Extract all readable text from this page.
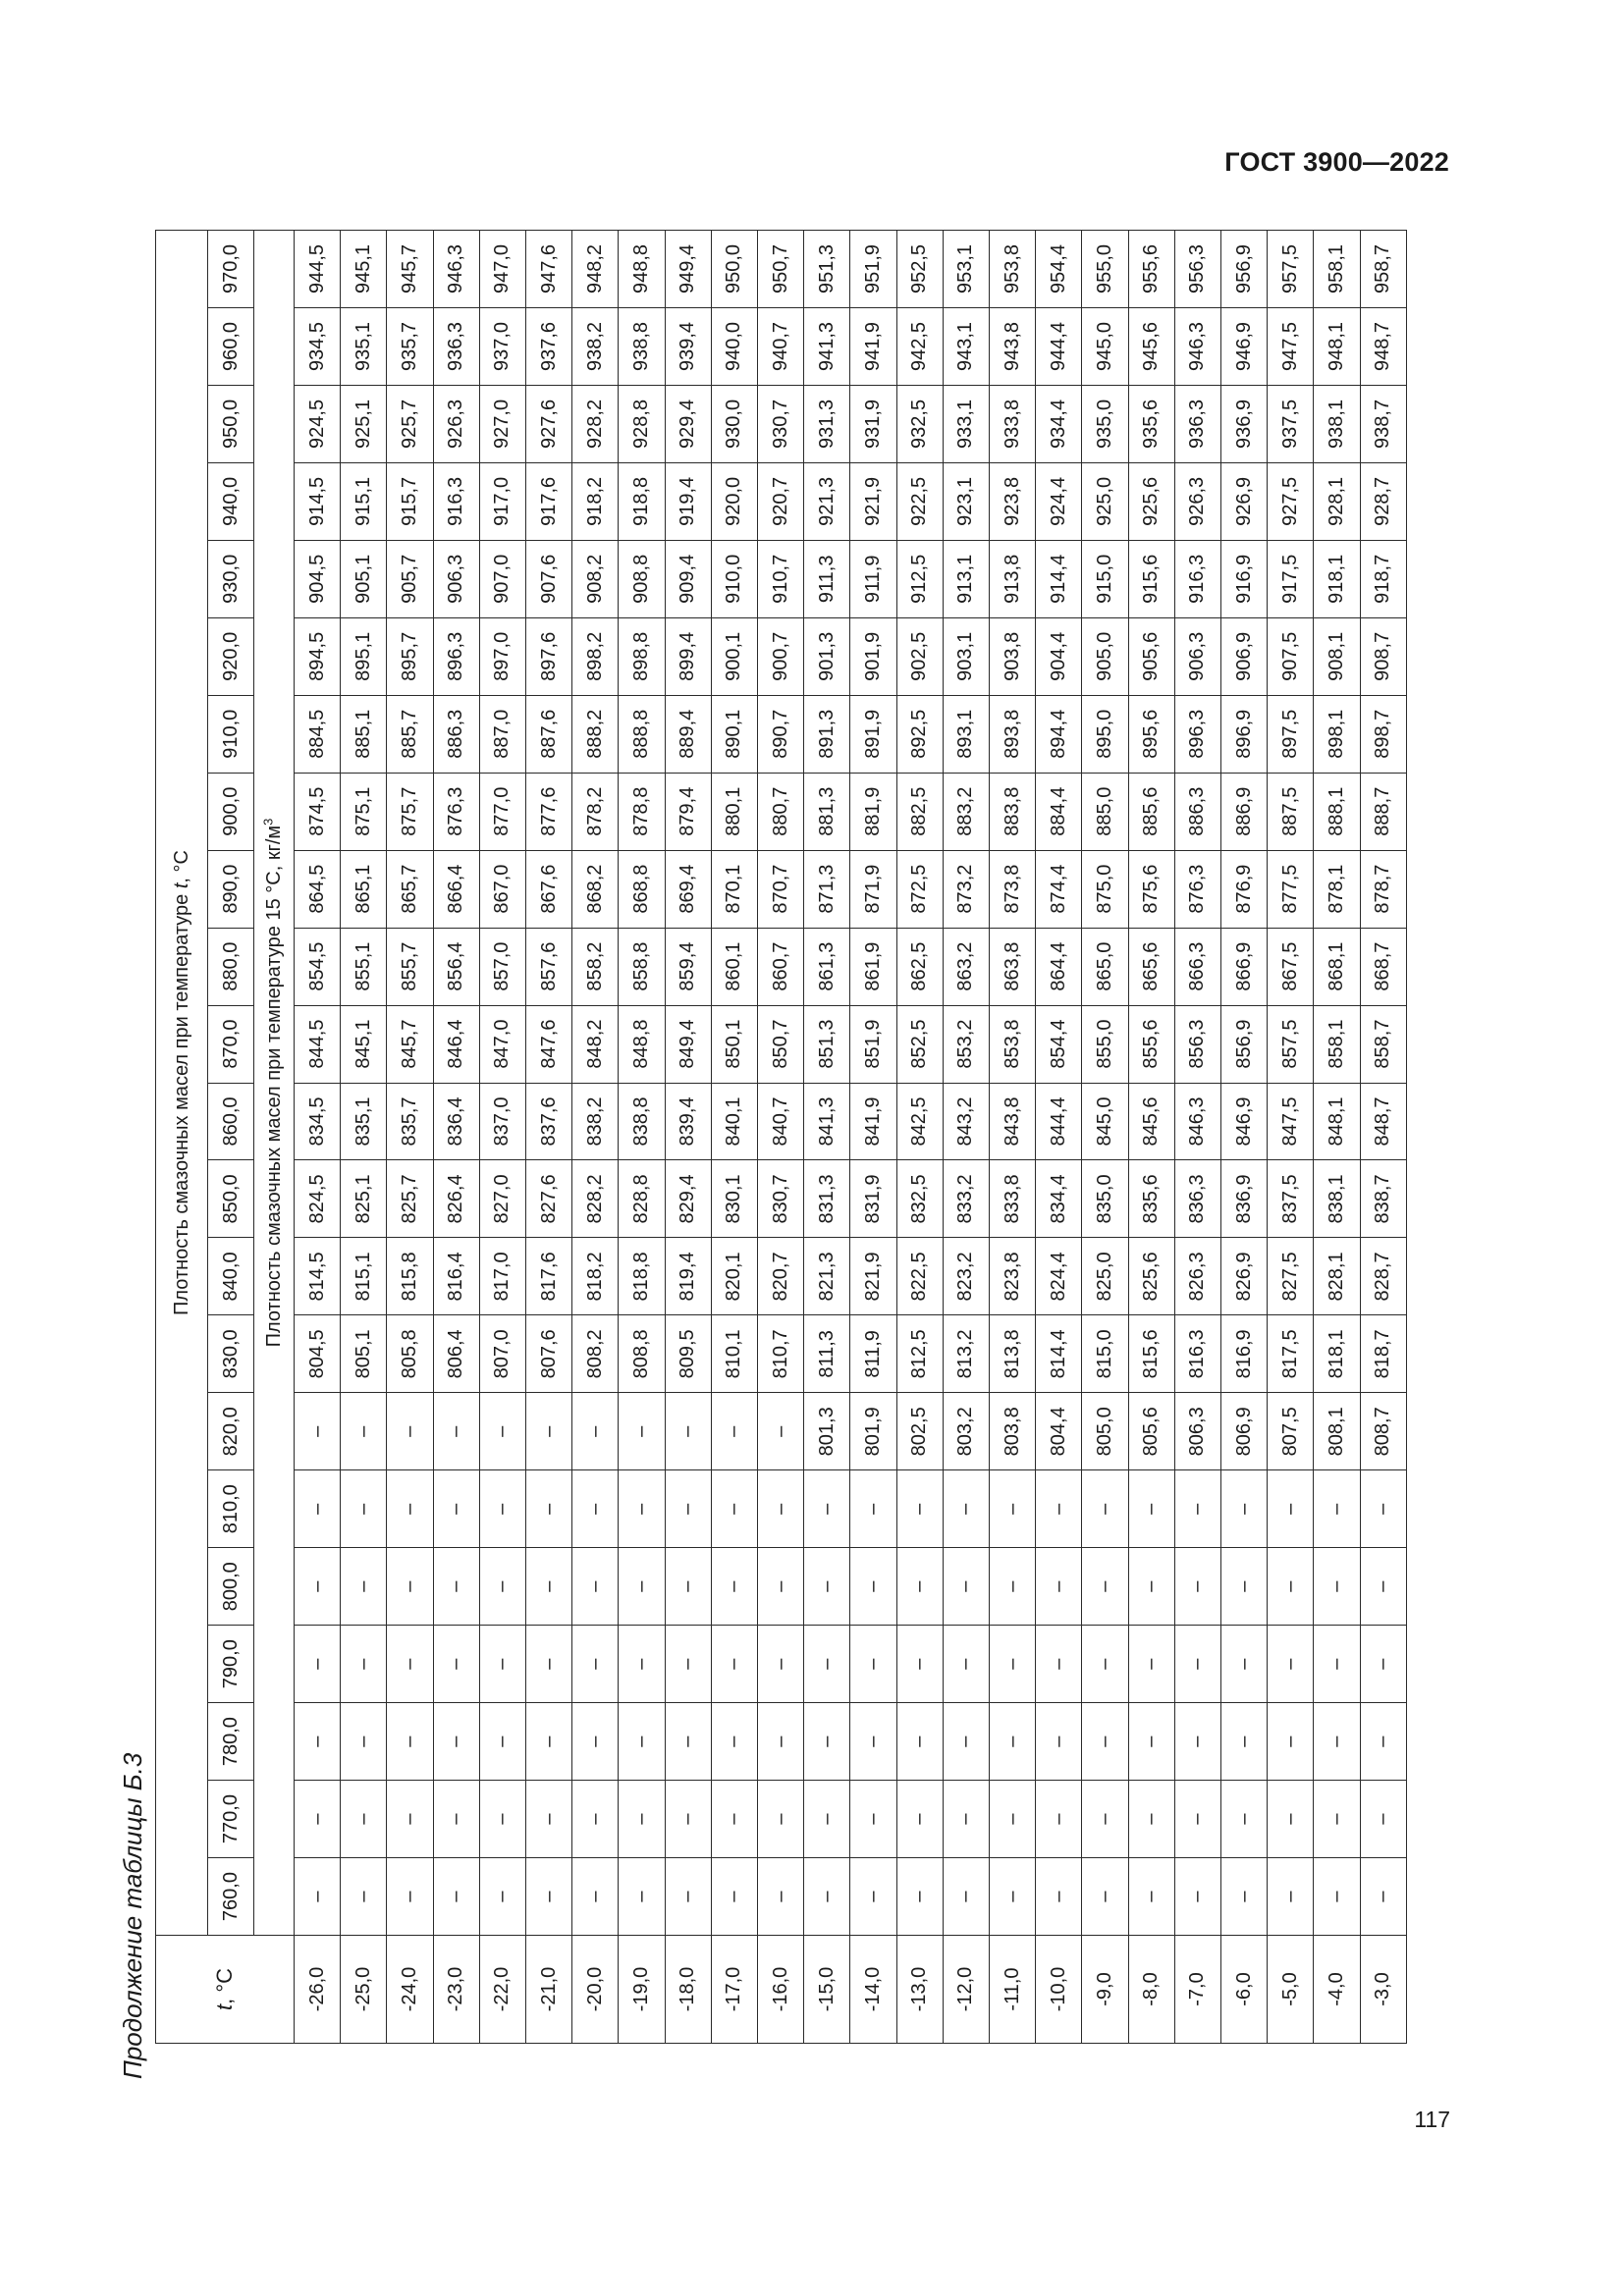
ГОСТ 3900—2022
Продолжение таблицы Б.3	t, °C	Плотность смазочных масел при температуре t, °C																					
	760,0	770,0	780,0	790,0	800,0	810,0	820,0	830,0	840,0	850,0	860,0	870,0	880,0	890,0	900,0	910,0	920,0	930,0	940,0	950,0	960,0	970,0
	Плотность смазочных масел при температуре 15 °С, $кг/м^3$
-26,0	–	–	–	–	–	–	–	804,5	814,5	824,5	834,5	844,5	854,5	864,5	874,5	884,5	894,5	904,5	914,5	924,5	934,5	944,5
-25,0	–	–	–	–	–	–	–	805,1	815,1	825,1	835,1	845,1	855,1	865,1	875,1	885,1	895,1	905,1	915,1	925,1	935,1	945,1
-24,0	–	–	–	–	–	–	–	805,8	815,8	825,7	835,7	845,7	855,7	865,7	875,7	885,7	895,7	905,7	915,7	925,7	935,7	945,7
-23,0	–	–	–	–	–	–	–	806,4	816,4	826,4	836,4	846,4	856,4	866,4	876,3	886,3	896,3	906,3	916,3	926,3	936,3	946,3
-22,0	–	–	–	–	–	–	–	807,0	817,0	827,0	837,0	847,0	857,0	867,0	877,0	887,0	897,0	907,0	917,0	927,0	937,0	947,0
-21,0	–	–	–	–	–	–	–	807,6	817,6	827,6	837,6	847,6	857,6	867,6	877,6	887,6	897,6	907,6	917,6	927,6	937,6	947,6
-20,0	–	–	–	–	–	–	–	808,2	818,2	828,2	838,2	848,2	858,2	868,2	878,2	888,2	898,2	908,2	918,2	928,2	938,2	948,2
-19,0	–	–	–	–	–	–	–	808,8	818,8	828,8	838,8	848,8	858,8	868,8	878,8	888,8	898,8	908,8	918,8	928,8	938,8	948,8
-18,0	–	–	–	–	–	–	–	809,5	819,4	829,4	839,4	849,4	859,4	869,4	879,4	889,4	899,4	909,4	919,4	929,4	939,4	949,4
-17,0	–	–	–	–	–	–	–	810,1	820,1	830,1	840,1	850,1	860,1	870,1	880,1	890,1	900,1	910,0	920,0	930,0	940,0	950,0
-16,0	–	–	–	–	–	–	–	810,7	820,7	830,7	840,7	850,7	860,7	870,7	880,7	890,7	900,7	910,7	920,7	930,7	940,7	950,7
-15,0	–	–	–	–	–	–	801,3	811,3	821,3	831,3	841,3	851,3	861,3	871,3	881,3	891,3	901,3	911,3	921,3	931,3	941,3	951,3
-14,0	–	–	–	–	–	–	801,9	811,9	821,9	831,9	841,9	851,9	861,9	871,9	881,9	891,9	901,9	911,9	921,9	931,9	941,9	951,9
-13,0	–	–	–	–	–	–	802,5	812,5	822,5	832,5	842,5	852,5	862,5	872,5	882,5	892,5	902,5	912,5	922,5	932,5	942,5	952,5
-12,0	–	–	–	–	–	–	803,2	813,2	823,2	833,2	843,2	853,2	863,2	873,2	883,2	893,1	903,1	913,1	923,1	933,1	943,1	953,1
-11,0	–	–	–	–	–	–	803,8	813,8	823,8	833,8	843,8	853,8	863,8	873,8	883,8	893,8	903,8	913,8	923,8	933,8	943,8	953,8
-10,0	–	–	–	–	–	–	804,4	814,4	824,4	834,4	844,4	854,4	864,4	874,4	884,4	894,4	904,4	914,4	924,4	934,4	944,4	954,4
-9,0	–	–	–	–	–	–	805,0	815,0	825,0	835,0	845,0	855,0	865,0	875,0	885,0	895,0	905,0	915,0	925,0	935,0	945,0	955,0
-8,0	–	–	–	–	–	–	805,6	815,6	825,6	835,6	845,6	855,6	865,6	875,6	885,6	895,6	905,6	915,6	925,6	935,6	945,6	955,6
-7,0	–	–	–	–	–	–	806,3	816,3	826,3	836,3	846,3	856,3	866,3	876,3	886,3	896,3	906,3	916,3	926,3	936,3	946,3	956,3
-6,0	–	–	–	–	–	–	806,9	816,9	826,9	836,9	846,9	856,9	866,9	876,9	886,9	896,9	906,9	916,9	926,9	936,9	946,9	956,9
-5,0	–	–	–	–	–	–	807,5	817,5	827,5	837,5	847,5	857,5	867,5	877,5	887,5	897,5	907,5	917,5	927,5	937,5	947,5	957,5
-4,0	–	–	–	–	–	–	808,1	818,1	828,1	838,1	848,1	858,1	868,1	878,1	888,1	898,1	908,1	918,1	928,1	938,1	948,1	958,1
-3,0	–	–	–	–	–	–	808,7	818,7	828,7	838,7	848,7	858,7	868,7	878,7	888,7	898,7	908,7	918,7	928,7	938,7	948,7	958,7
117
